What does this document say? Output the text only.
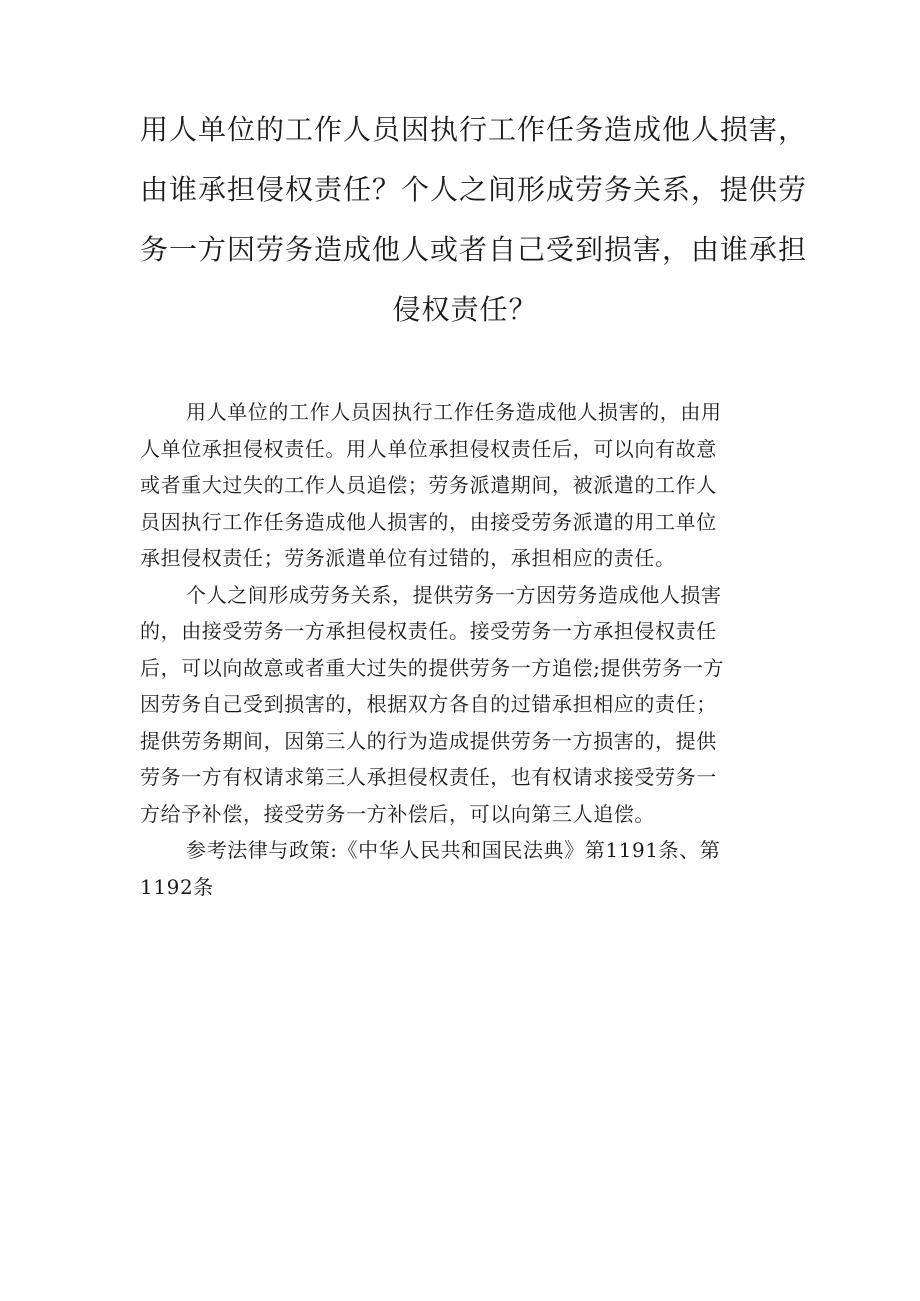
用人单位的工作人员因执行工作任务造成他人损害，
由谁承担侵权责任？个人之间形成劳务关系，提供劳
务一方因劳务造成他人或者自己受到损害，由谁承担
侵权责任？

用人单位的工作人员因执行工作任务造成他人损害的，由用
人单位承担侵权责任。用人单位承担侵权责任后，可以向有故意
或者重大过失的工作人员追偿；劳务派遣期间，被派遣的工作人
员因执行工作任务造成他人损害的，由接受劳务派遣的用工单位
承担侵权责任；劳务派遣单位有过错的，承担相应的责任。

个人之间形成劳务关系，提供劳务一方因劳务造成他人损害
的，由接受劳务一方承担侵权责任。接受劳务一方承担侵权责任
后，可以向故意或者重大过失的提供劳务一方追偿;提供劳务一方
因劳务自己受到损害的，根据双方各自的过错承担相应的责任；
提供劳务期间，因第三人的行为造成提供劳务一方损害的，提供
劳务一方有权请求第三人承担侵权责任，也有权请求接受劳务一
方给予补偿，接受劳务一方补偿后，可以向第三人追偿。

参考法律与政策:《中华人民共和国民法典》第1191条、第
1192条
